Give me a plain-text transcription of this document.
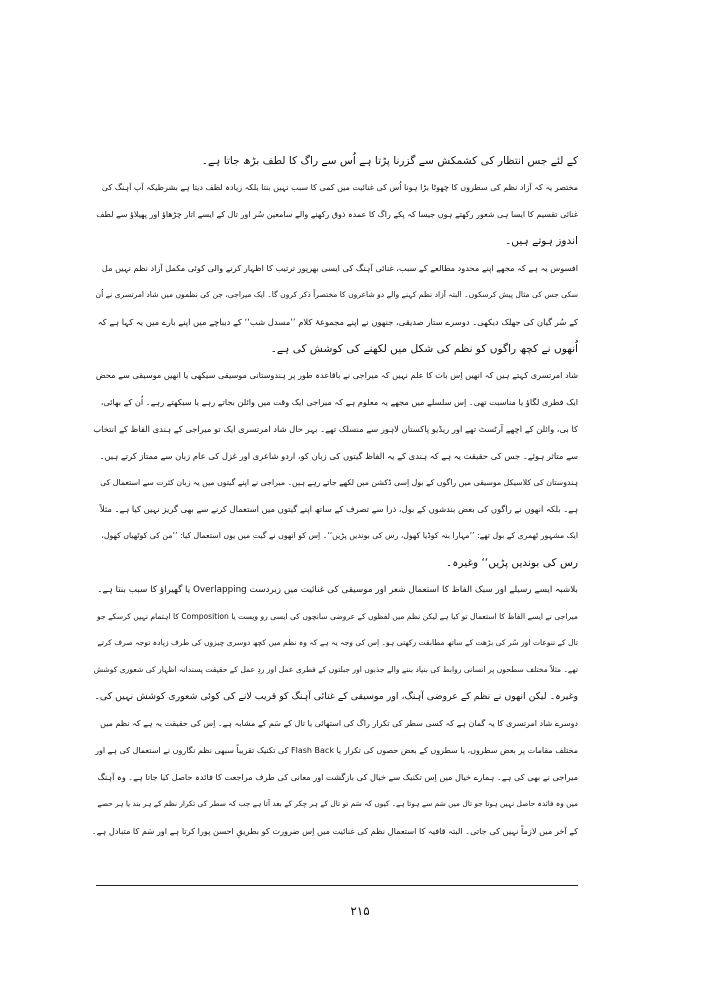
کے لئے جس انتظار کی کشمکش سے گزرنا پڑتا ہے اُس سے راگ کا لطف بڑھ جاتا ہے۔
مختصر یہ کہ آزاد نظم کی سطروں کا چھوٹا بڑا ہونا اُس کی غنائیت میں کمی کا سبب نہیں بنتا بلکہ زیادہ لطف دیتا ہے بشرطیکہ آپ آہنگ کی
غنائی تقسیم کا ایسا ہی شعور رکھتے ہوں جیسا کہ پکے راگ کا عمدہ ذوق رکھنے والے سامعین سُر اور تال کے ایسے اتار چڑھاؤ اور پھیلاؤ سے لطف
اندوز ہوتے ہیں۔
افسوس یہ ہے کہ مجھے اپنے محدود مطالعے کے سبب، غنائی آہنگ کی ایسی بھرپور ترتیب کا اظہار کرنے والی کوئی مکمل آزاد نظم نہیں مل
سکی جس کی مثال پیش کرسکوں۔ البتہ آزاد نظم کہنے والے دو شاعروں کا مختصراً ذکر کروں گا۔ ایک میراجی، جن کی نظموں میں شاد امرتسری نے اُن
کے سُر گیان کی جھلک دیکھی۔ دوسرے ستار صدیقی، جنھوں نے اپنے مجموعۂ کلام ’’مسدل شب‘‘ کے دیباچے میں اپنے بارے میں یہ کہا ہے کہ
اُنھوں نے کچھ راگوں کو نظم کی شکل میں لکھنے کی کوشش کی ہے۔
شاد امرتسری کہتے ہیں کہ انھیں اِس بات کا علم نہیں کہ میراجی نے باقاعدہ طور پر ہندوستانی موسیقی سیکھی یا انھیں موسیقی سے محض
ایک فطری لگاؤ یا مناسبت تھی۔ اِس سلسلے میں مجھے یہ معلوم ہے کہ میراجی ایک وقت میں وائلن بجاتے رہے یا سیکھتے رہے۔ اُن کے بھائی،
کا بی، وائلن کے اچھے آرٹسٹ تھے اور ریڈیو پاکستان لاہور سے منسلک تھے۔ بہر حال شاد امرتسری ایک تو میراجی کے ہندی الفاظ کے انتخاب
سے متاثر ہوئے۔ جس کی حقیقت یہ ہے کہ ہندی کے یہ الفاظ گیتوں کی زبان کو، اردو شاعری اور غزل کی عام زبان سے ممتاز کرتے ہیں۔
ہندوستان کی کلاسیکل موسیقی میں راگوں کے بول اِسی ڈکشن میں لکھے جاتے رہے ہیں۔ میراجی نے اپنے گیتوں میں یہ زبان کثرت سے استعمال کی
ہے۔ بلکہ انھوں نے راگوں کی بعض بندشوں کے بول، ذرا سے تصرف کے ساتھ اپنے گیتوں میں استعمال کرنے سے بھی گریز نہیں کیا ہے۔ مثلاً
ایک مشہور ٹھمری کے بول تھے: ’’مہارا بنہ کوڈیا کھول، رس کی بوندیں پڑیں‘‘۔ اِس کو انھوں نے گیت میں یوں استعمال کیا: ’’من کی کوٹھیاں کھول،
رس کی بوندیں پڑیں‘‘ وغیرہ۔
بلاشبہ ایسے رسیلے اور سبک الفاظ کا استعمال شعر اور موسیقی کی غنائیت میں زبردست Overlapping یا گھیراؤ کا سبب بنتا ہے۔
میراجی نے ایسے الفاظ کا استعمال تو کیا ہے لیکن نظم میں لفظوں کے عروضی سانچوں کی ایسی رو ویست یا Composition کا اہتمام نہیں کرسکے جو
تال کے تنوعات اور سُر کی بڑھت کے ساتھ مطابقت رکھتی ہو۔ اِس کی وجہ یہ ہے کہ وہ نظم میں کچھ دوسری چیزوں کی طرف زیادہ توجہ صرف کرتے
تھے۔ مثلاً مختلف سطحوں پر انسانی روابط کی بنیاد بننے والے جذبوں اور جبلتوں کے فطری عمل اور ردِ عمل کے حقیقت پسندانہ اظہار کی شعوری کوشش
وغیرہ۔ لیکن انھوں نے نظم کے عروضی آہنگ، اور موسیقی کے غنائی آہنگ کو قریب لانے کی کوئی شعوری کوشش نہیں کی۔
دوسرے شاد امرتسری کا یہ گمان ہے کہ کسی سطر کی تکرار راگ کی استھائی یا تال کے سَم کے مشابہ ہے۔ اِس کی حقیقت یہ ہے کہ نظم میں
مختلف مقامات پر بعض سطروں، یا سطروں کے بعض حصوں کی تکرار یا Flash Back کی تکنیک تقریباً سبھی نظم نگاروں نے استعمال کی ہے اور
میراجی نے بھی کی ہے۔ ہمارے خیال میں اِس تکنیک سے خیال کی بازگشت اور معانی کی طرف مراجعت کا فائدہ حاصل کیا جاتا ہے۔ وہ آہنگ
میں وہ فائدہ حاصل نہیں ہوتا جو تال میں سَم سے ہوتا ہے۔ کیوں کہ سَم تو تال کے ہر چکر کے بعد آتا ہے جب کہ سطر کی تکرار نظم کے ہر بند یا ہر حصے
کے آخر میں لازماً نہیں کی جاتی۔ البتہ قافیہ کا استعمال نظم کی غنائیت میں اِس ضرورت کو بطریقِ احسن پورا کرتا ہے اور سَم کا متبادل ہے۔
۲۱۵
